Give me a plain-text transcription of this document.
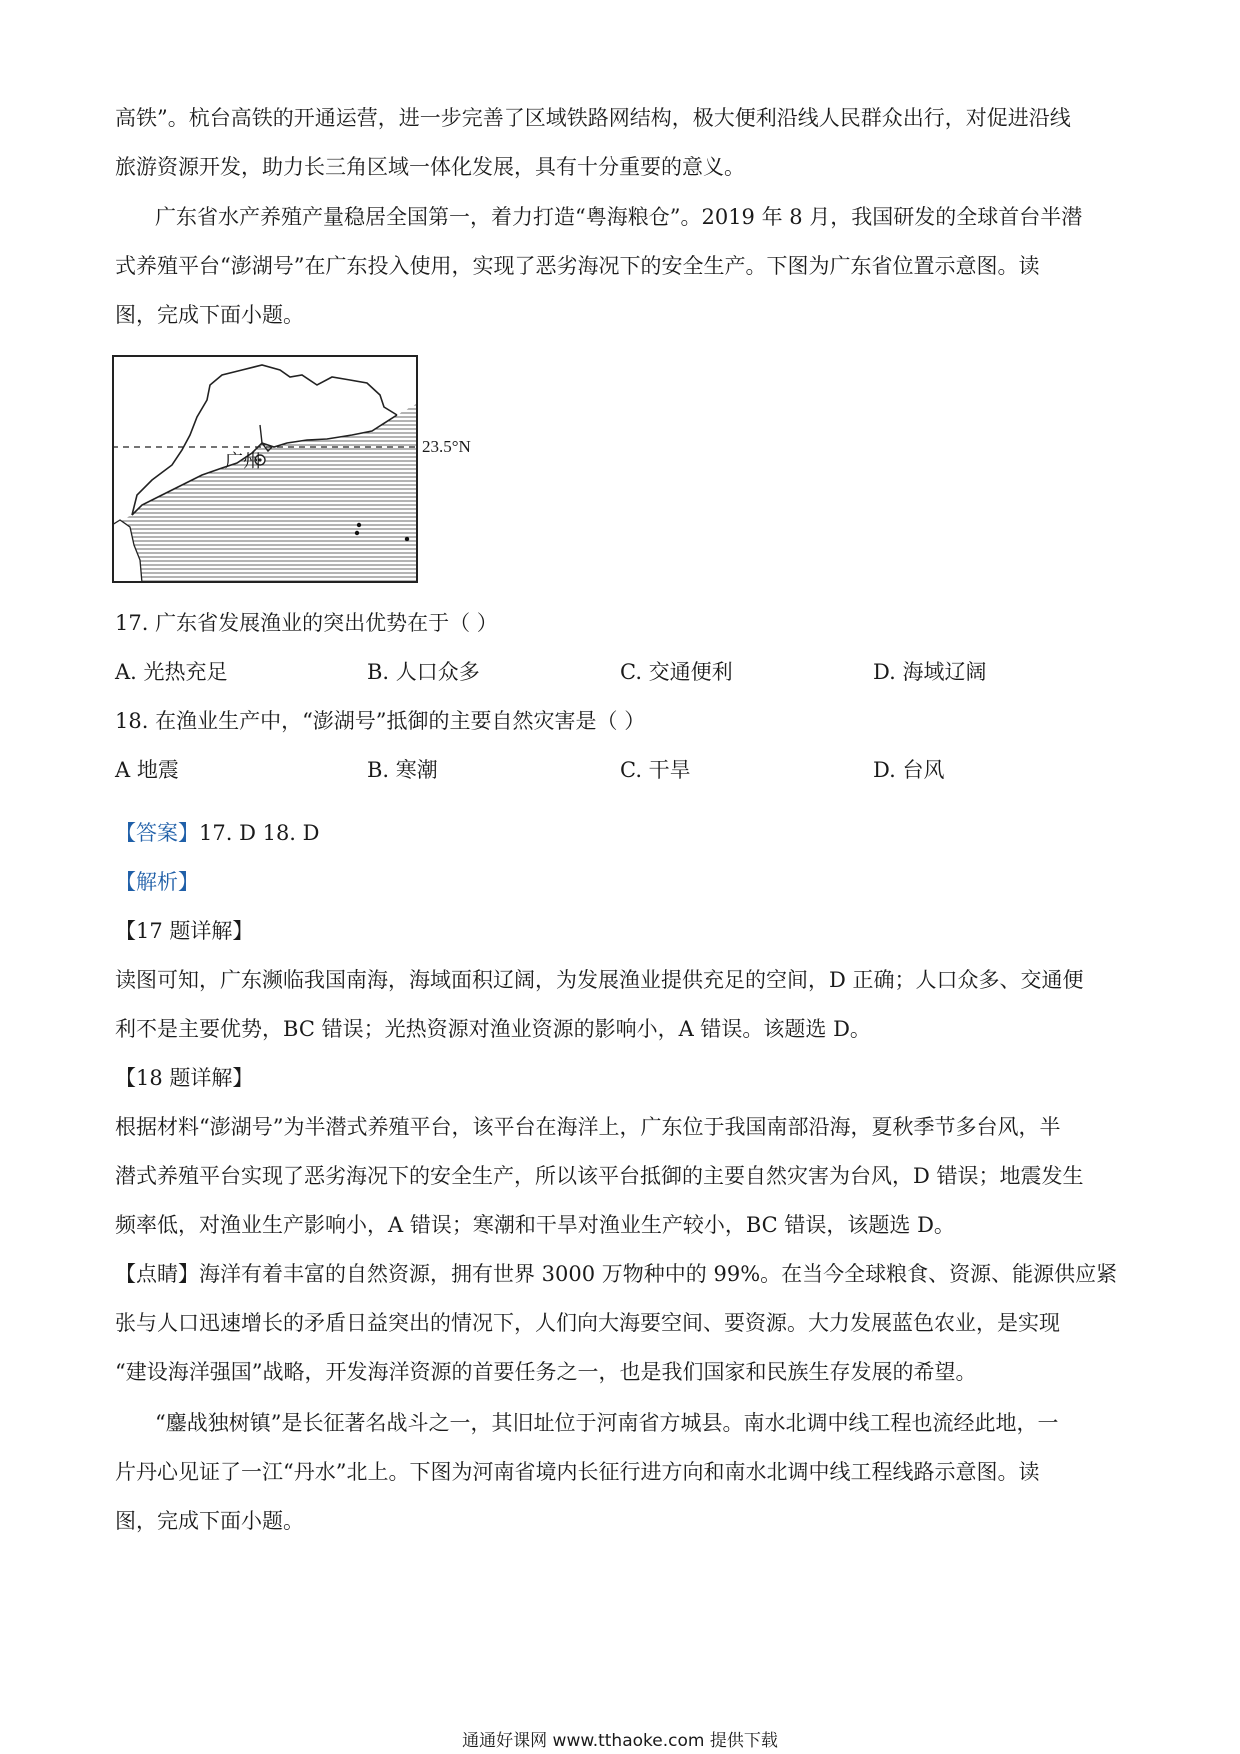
高铁”。杭台高铁的开通运营，进一步完善了区域铁路网结构，极大便利沿线人民群众出行，对促进沿线
旅游资源开发，助力长三角区域一体化发展，具有十分重要的意义。
广东省水产养殖产量稳居全国第一，着力打造“粤海粮仓”。2019 年 8 月，我国研发的全球首台半潜
式养殖平台“澎湖号”在广东投入使用，实现了恶劣海况下的安全生产。下图为广东省位置示意图。读
图，完成下面小题。
广州
23.5°N
17. 广东省发展渔业的突出优势在于（ ）
A. 光热充足	B. 人口众多	C. 交通便利	D. 海域辽阔
18. 在渔业生产中，“澎湖号”抵御的主要自然灾害是（ ）
A 地震	B. 寒潮	C. 干旱	D. 台风
【答案】17. D 18. D
【解析】
【17 题详解】
读图可知，广东濒临我国南海，海域面积辽阔，为发展渔业提供充足的空间，D 正确；人口众多、交通便
利不是主要优势，BC 错误；光热资源对渔业资源的影响小，A 错误。该题选 D。
【18 题详解】
根据材料“澎湖号”为半潜式养殖平台，该平台在海洋上，广东位于我国南部沿海，夏秋季节多台风，半
潜式养殖平台实现了恶劣海况下的安全生产，所以该平台抵御的主要自然灾害为台风，D 错误；地震发生
频率低，对渔业生产影响小，A 错误；寒潮和干旱对渔业生产较小，BC 错误，该题选 D。
【点睛】海洋有着丰富的自然资源，拥有世界 3000 万物种中的 99%。在当今全球粮食、资源、能源供应紧
张与人口迅速增长的矛盾日益突出的情况下，人们向大海要空间、要资源。大力发展蓝色农业，是实现
“建设海洋强国”战略，开发海洋资源的首要任务之一，也是我们国家和民族生存发展的希望。
“鏖战独树镇”是长征著名战斗之一，其旧址位于河南省方城县。南水北调中线工程也流经此地，一
片丹心见证了一江“丹水”北上。下图为河南省境内长征行进方向和南水北调中线工程线路示意图。读
图，完成下面小题。
通通好课网 www.tthaoke.com 提供下载
